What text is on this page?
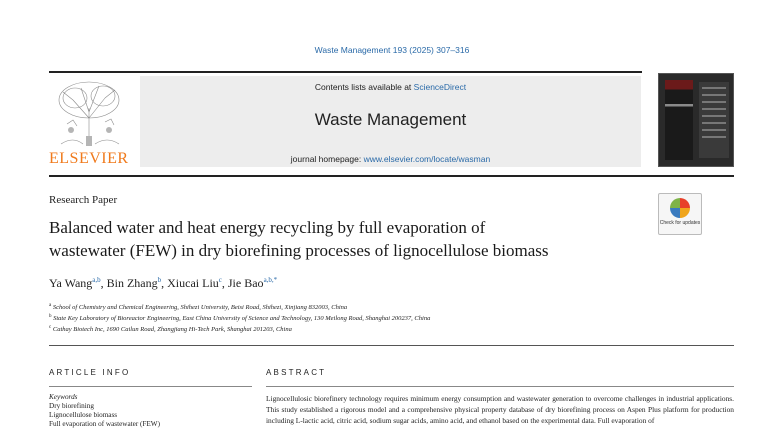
Waste Management 193 (2025) 307–316
ELSEVIER
Contents lists available at ScienceDirect
Waste Management
journal homepage: www.elsevier.com/locate/wasman
Research Paper
Balanced water and heat energy recycling by full evaporation of
wastewater (FEW) in dry biorefining processes of lignocellulose biomass
Check for updates
Ya Wang$^{a,b}$, Bin Zhang$^b$, Xiucai Liu$^c$, Jie Bao$^{a,b,*}$
$^a$ School of Chemistry and Chemical Engineering, Shihezi University, Beisi Road, Shihezi, Xinjiang 832003, China
$^b$ State Key Laboratory of Bioreactor Engineering, East China University of Science and Technology, 130 Meilong Road, Shanghai 200237, China
$^c$ Cathay Biotech Inc, 1690 Cailun Road, Zhangjiang Hi-Tech Park, Shanghai 201203, China
ARTICLE INFO	ABSTRACT
Keywords
Dry biorefining
Lignocellulose biomass
Full evaporation of wastewater (FEW)
Lignocellulosic biorefinery technology requires minimum energy consumption and wastewater generation to overcome challenges in industrial applications. This study established a rigorous model and a comprehensive physical property database of dry biorefining process on Aspen Plus platform for production including L-lactic acid, citric acid, sodium sugar acids, amino acid, and ethanol based on the experimental data. Full evaporation of
